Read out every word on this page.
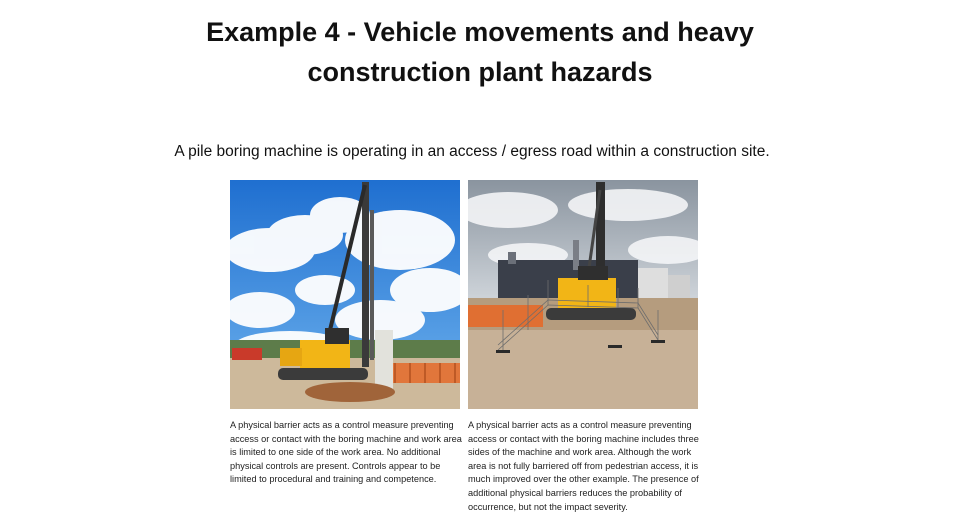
Example 4 - Vehicle movements and heavy
construction plant hazards
A pile boring machine is operating in an access / egress road within a construction site.
A physical barrier acts as a control measure preventing access or contact with the boring machine and work area is limited to one side of the work area. No additional physical controls are present. Controls appear to be limited to procedural and training and competence.
A physical barrier acts as a control measure preventing access or contact with the boring machine includes three sides of the machine and work area. Although the work area is not fully barriered off from pedestrian access, it is much improved over the other example. The presence of additional physical barriers reduces the probability of occurrence, but not the impact severity.
